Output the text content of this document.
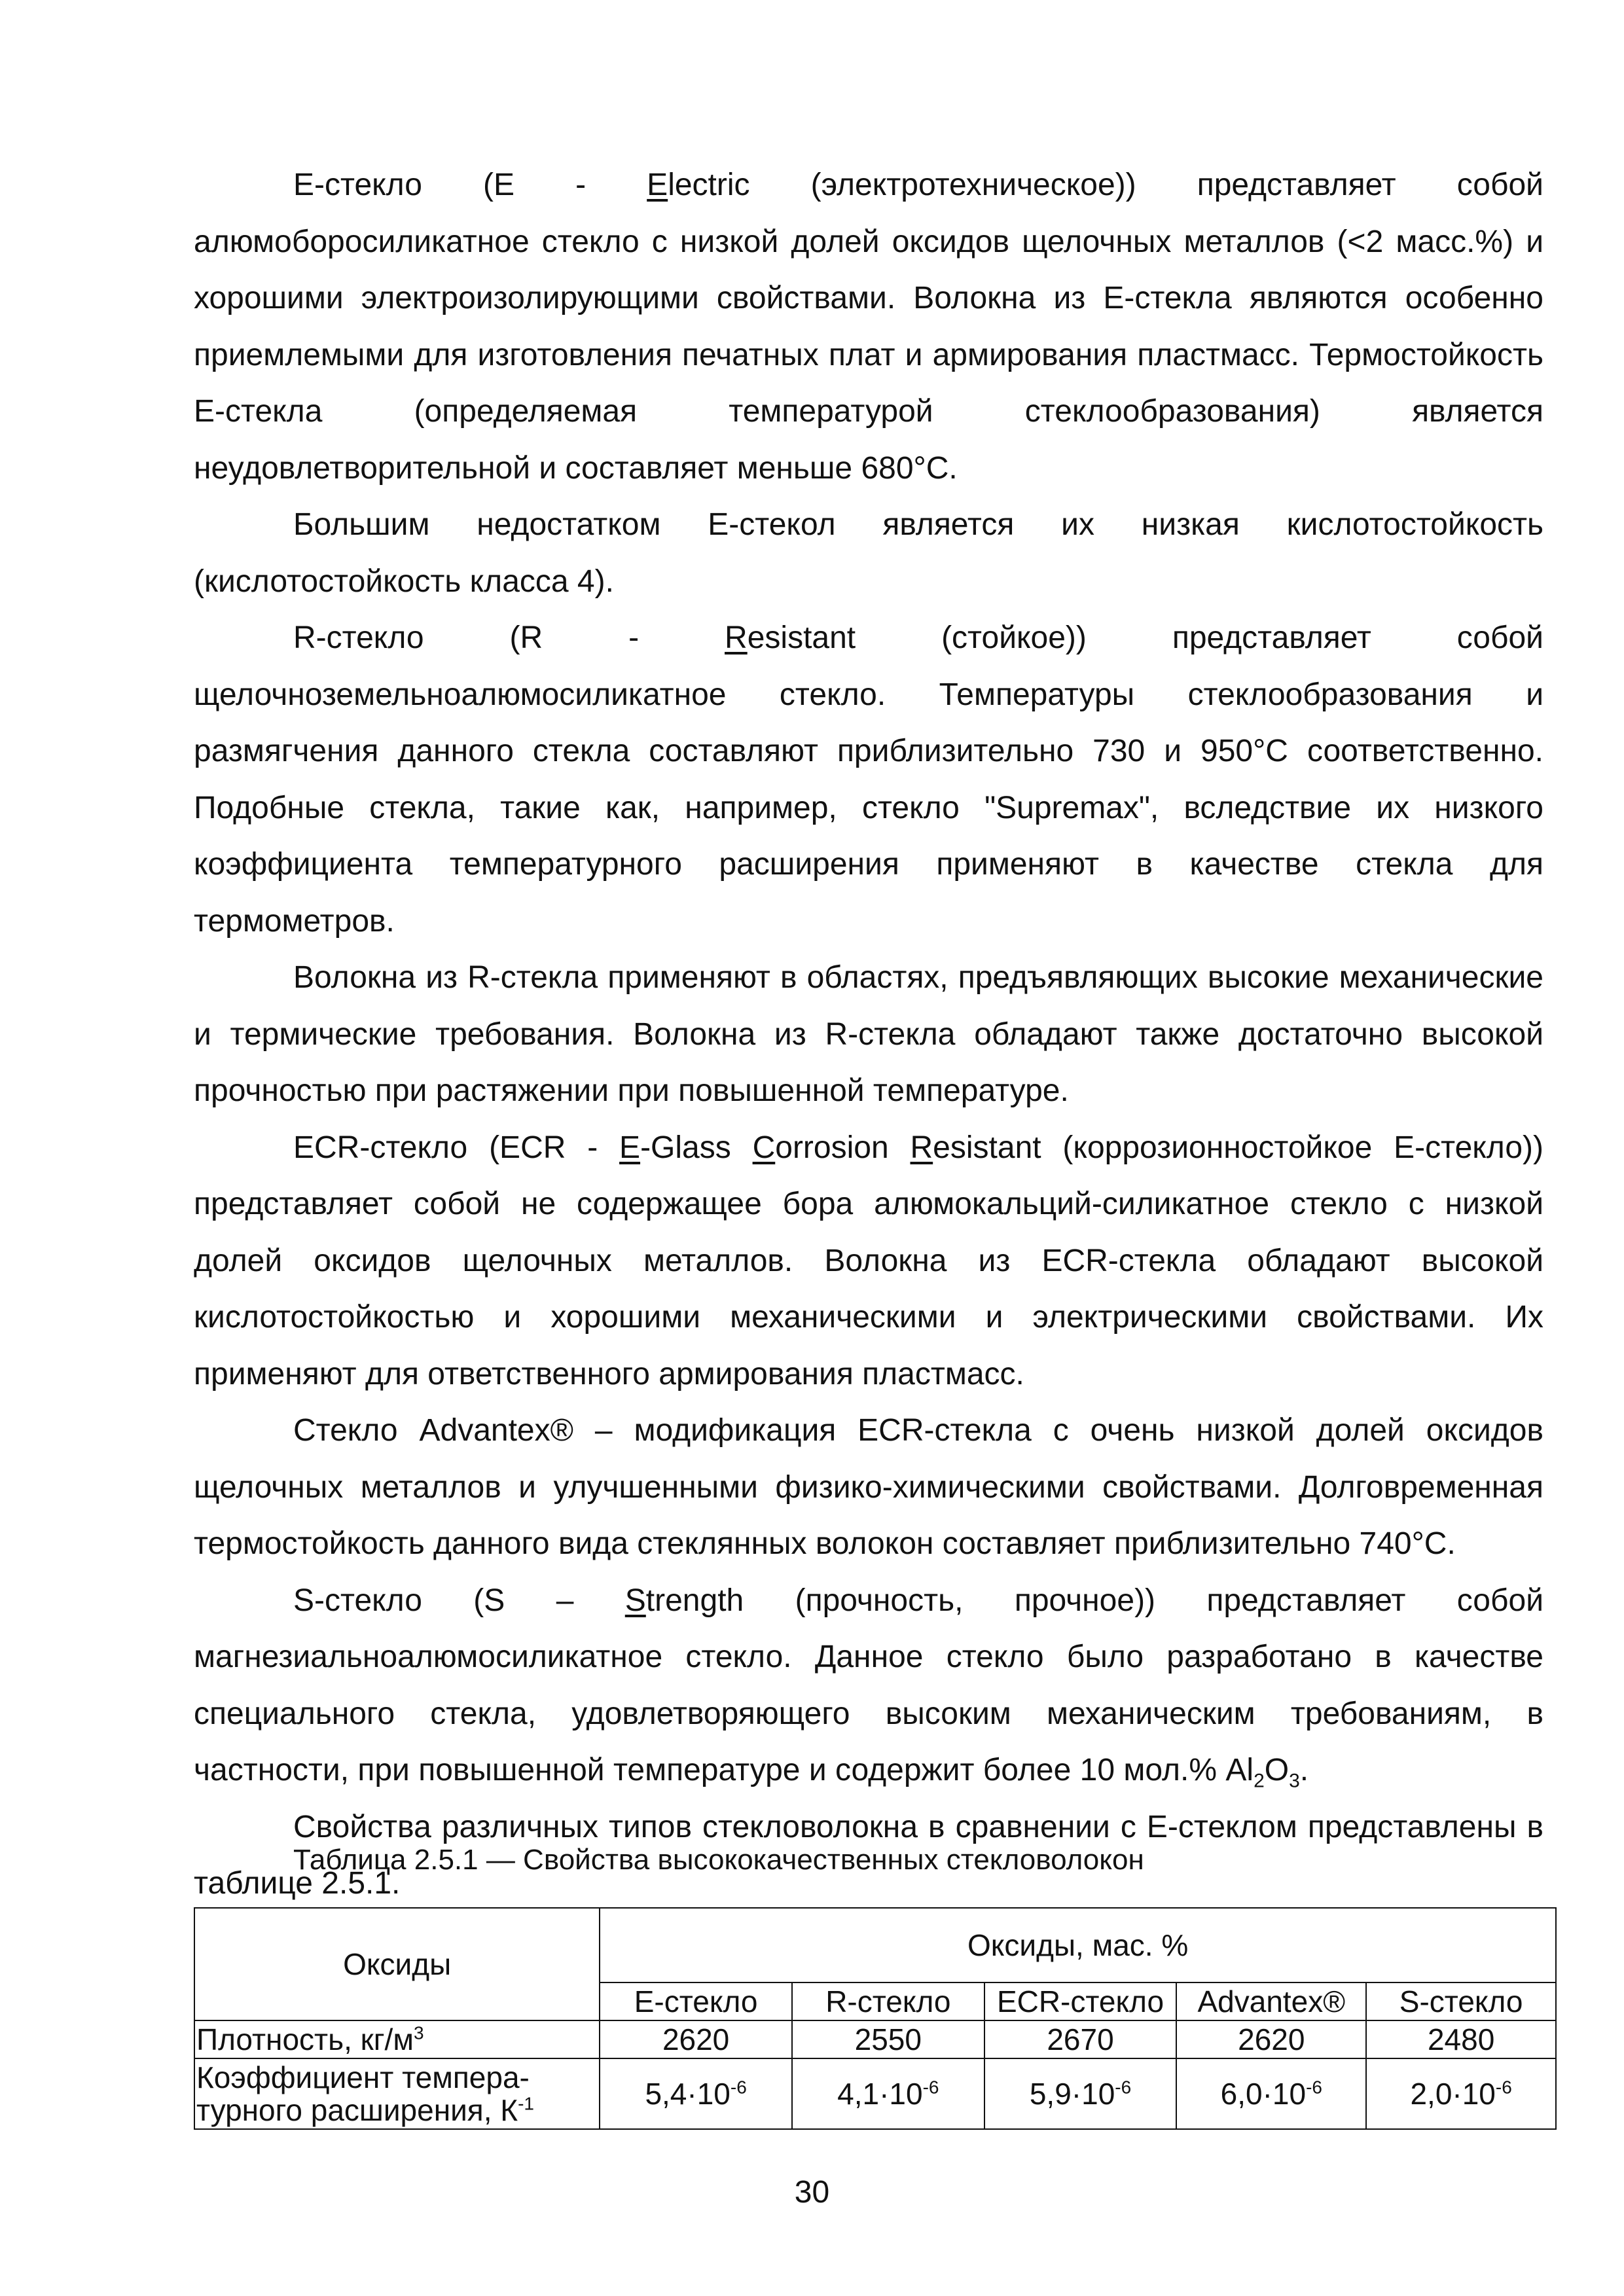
Е-стекло (E - Electric (электротехническое)) представляет собой алюмоборосиликатное стекло с низкой долей оксидов щелочных металлов (<2 масс.%) и хорошими электроизолирующими свойствами. Волокна из Е-стекла являются особенно приемлемыми для изготовления печатных плат и армирования пластмасс. Термостойкость Е-стекла (определяемая температурой стеклообразования) является неудовлетворительной и составляет меньше 680°С.

Большим недостатком Е-стекол является их низкая кислотостойкость (кислотостойкость класса 4).

R-стекло (R - Resistant (стойкое)) представляет собой щелочноземельноалюмосиликатное стекло. Температуры стеклообразования и размягчения данного стекла составляют приблизительно 730 и 950°С соответственно. Подобные стекла, такие как, например, стекло "Supremax", вследствие их низкого коэффициента температурного расширения применяют в качестве стекла для термометров.

Волокна из R-стекла применяют в областях, предъявляющих высокие механические и термические требования. Волокна из R-стекла обладают также достаточно высокой прочностью при растяжении при повышенной температуре.

ECR-стекло (ECR - E-Glass Corrosion Resistant (коррозионностойкое Е-стекло)) представляет собой не содержащее бора алюмокальций-силикатное стекло с низкой долей оксидов щелочных металлов. Волокна из ECR-стекла обладают высокой кислотостойкостью и хорошими механическими и электрическими свойствами. Их применяют для ответственного армирования пластмасс.

Стекло Advantex® – модификация ECR-стекла с очень низкой долей оксидов щелочных металлов и улучшенными физико-химическими свойствами. Долговременная термостойкость данного вида стеклянных волокон составляет приблизительно 740°С.

S-стекло (S – Strength (прочность, прочное)) представляет собой магнезиальноалюмосиликатное стекло. Данное стекло было разработано в качестве специального стекла, удовлетворяющего высоким механическим требованиям, в частности, при повышенной температуре и содержит более 10 мол.% $Al_2O_3$.

Свойства различных типов стекловолокна в сравнении с Е-стеклом представлены в таблице 2.5.1.

Таблица 2.5.1 — Свойства высококачественных стекловолокон
Оксиды	Оксиды, мас. %				
	Е-стекло	R-стекло	ECR-стекло	Advantex®	S-стекло
Плотность, $кг/м^3$	2620	2550	2670	2620	2480
Коэффициент темпера-
турного расширения, $К^{-1}$	$5,4\cdot 10^{-6}$	$4,1\cdot 10^{-6}$	$5,9\cdot 10^{-6}$	$6,0\cdot 10^{-6}$	$2,0\cdot 10^{-6}$
30
